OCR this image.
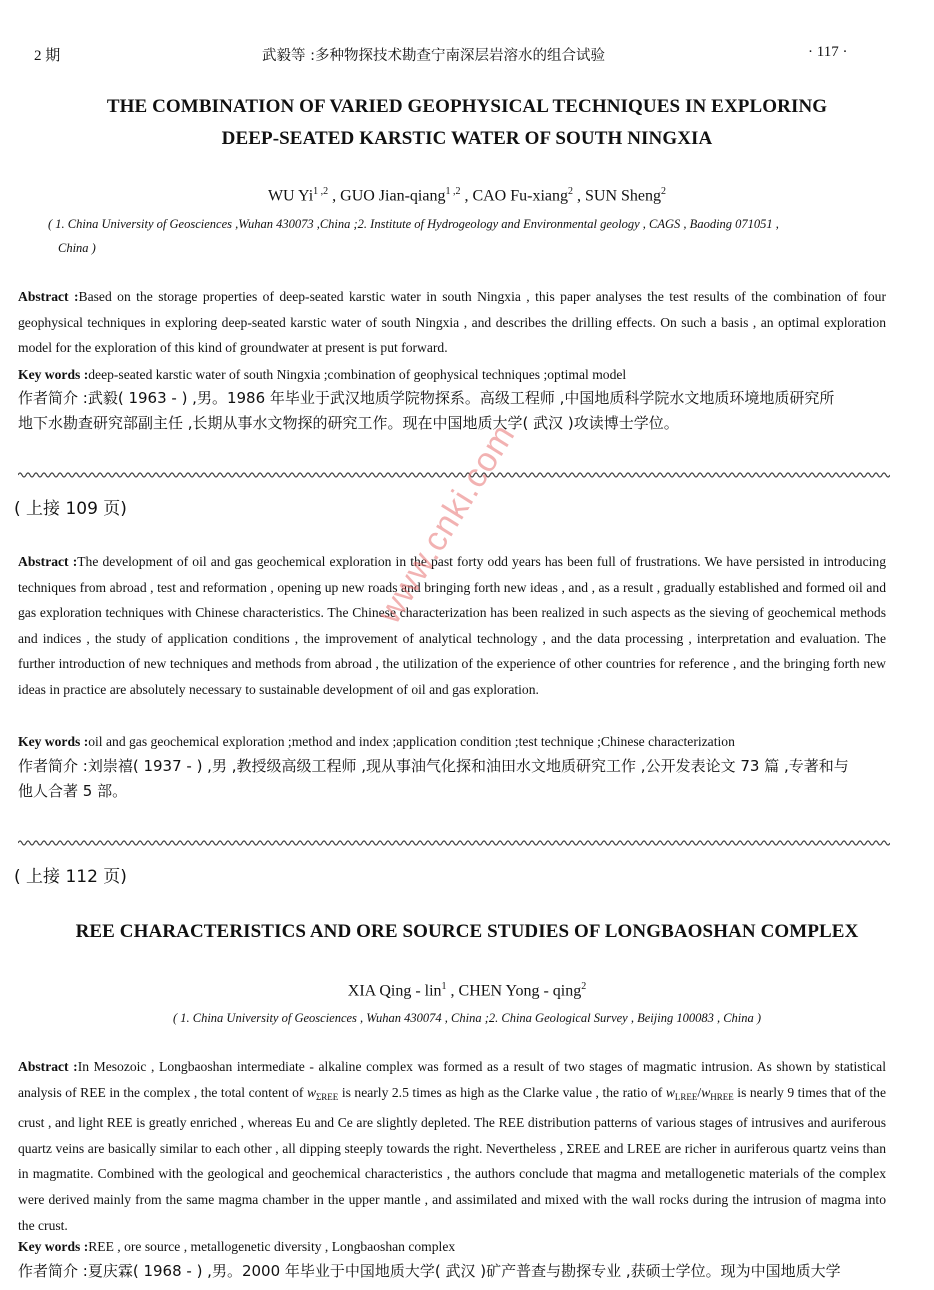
2 期	武毅等 :多种物探技术勘查宁南深层岩溶水的组合试验	· 117 ·
THE COMBINATION OF VARIED GEOPHYSICAL TECHNIQUES IN EXPLORING
DEEP-SEATED KARSTIC WATER OF SOUTH NINGXIA
WU Yi$^{1 ,2}$ , GUO Jian-qiang$^{1 ,2}$ , CAO Fu-xiang$^2$ , SUN Sheng$^2$
( 1. China University of Geosciences ,Wuhan 430073 ,China ;2. Institute of Hydrogeology and Environmental geology , CAGS , Baoding 071051 ,
China )
Abstract :Based on the storage properties of deep-seated karstic water in south Ningxia , this paper analyses the test results of the combination of four geophysical techniques in exploring deep-seated karstic water of south Ningxia , and describes the drilling effects. On such a basis , an optimal exploration model for the exploration of this kind of groundwater at present is put forward.
Key words :deep-seated karstic water of south Ningxia ;combination of geophysical techniques ;optimal model
作者简介 :武毅( 1963 - ) ,男。1986 年毕业于武汉地质学院物探系。高级工程师 ,中国地质科学院水文地质环境地质研究所
地下水勘查研究部副主任 ,长期从事水文物探的研究工作。现在中国地质大学( 武汉 )攻读博士学位。
( 上接 109 页)
Abstract :The development of oil and gas geochemical exploration in the past forty odd years has been full of frustrations. We have persisted in introducing techniques from abroad , test and reformation , opening up new roads and bringing forth new ideas , and , as a result , gradually established and formed oil and gas exploration techniques with Chinese characteristics. The Chinese characterization has been realized in such aspects as the sieving of geochemical methods and indices , the study of application conditions , the improvement of analytical technology , and the data processing , interpretation and evaluation. The further introduction of new techniques and methods from abroad , the utilization of the experience of other countries for reference , and the bringing forth new ideas in practice are absolutely necessary to sustainable development of oil and gas exploration.
Key words :oil and gas geochemical exploration ;method and index ;application condition ;test technique ;Chinese characterization
作者简介 :刘崇禧( 1937 - ) ,男 ,教授级高级工程师 ,现从事油气化探和油田水文地质研究工作 ,公开发表论文 73 篇 ,专著和与
他人合著 5 部。
( 上接 112 页)
REE CHARACTERISTICS AND ORE SOURCE STUDIES OF LONGBAOSHAN COMPLEX
XIA Qing - lin$^1$ , CHEN Yong - qing$^2$
( 1. China University of Geosciences , Wuhan 430074 , China ;2. China Geological Survey , Beijing 100083 , China )
Abstract :In Mesozoic , Longbaoshan intermediate - alkaline complex was formed as a result of two stages of magmatic intrusion. As shown by statistical analysis of REE in the complex , the total content of $w_{\Sigma REE}$ is nearly 2.5 times as high as the Clarke value , the ratio of $w_{LREE}/w_{HREE}$ is nearly 9 times that of the crust , and light REE is greatly enriched , whereas Eu and Ce are slightly depleted. The REE distribution patterns of various stages of intrusives and auriferous quartz veins are basically similar to each other , all dipping steeply towards the right. Nevertheless , ΣREE and LREE are richer in auriferous quartz veins than in magmatite. Combined with the geological and geochemical characteristics , the authors conclude that magma and metallogenetic materials of the complex were derived mainly from the same magma chamber in the upper mantle , and assimilated and mixed with the wall rocks during the intrusion of magma into the crust.
Key words :REE , ore source , metallogenetic diversity , Longbaoshan complex
作者简介 :夏庆霖( 1968 - ) ,男。2000 年毕业于中国地质大学( 武汉 )矿产普查与勘探专业 ,获硕士学位。现为中国地质大学
www.cnki.com
